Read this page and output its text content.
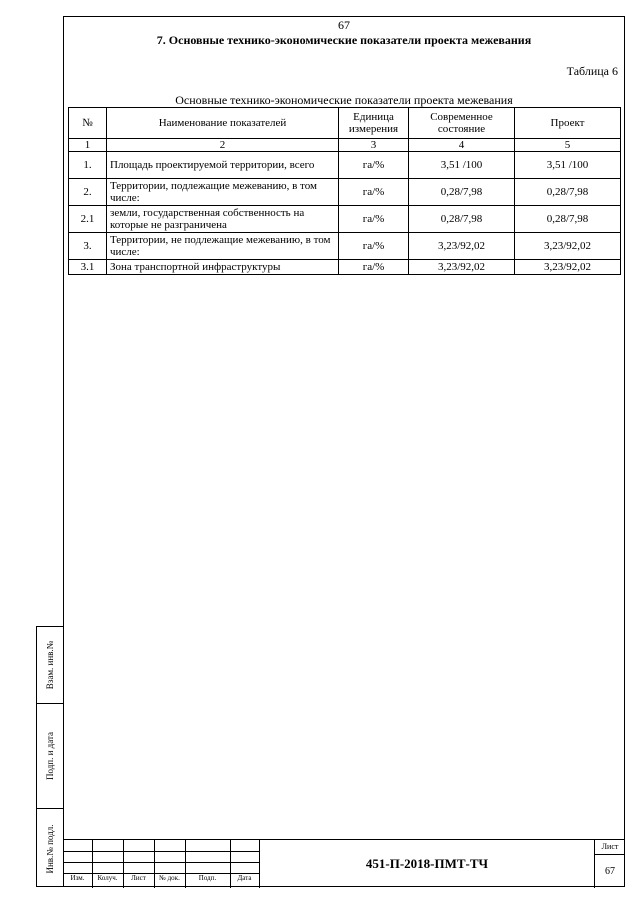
67
7. Основные технико-экономические показатели проекта межевания
Таблица 6
Основные технико-экономические показатели проекта межевания
№	Наименование показателей	Единица измерения	Современное состояние	Проект
1	2	3	4	5
1.	Площадь проектируемой территории, всего	га/%	3,51 /100	3,51 /100
2.	Территории, подлежащие межеванию, в том числе:	га/%	0,28/7,98	0,28/7,98
2.1	земли, государственная собственность на которые не разграничена	га/%	0,28/7,98	0,28/7,98
3.	Территории, не подлежащие межеванию, в том числе:	га/%	3,23/92,02	3,23/92,02
3.1	Зона транспортной инфраструктуры	га/%	3,23/92,02	3,23/92,02
Взам. инв.№
Подп. и дата
Инв.№ подл.
Изм.	Колуч.	Лист	№ док.	Подп.	Дата
451-П-2018-ПМТ-ТЧ
Лист
67
